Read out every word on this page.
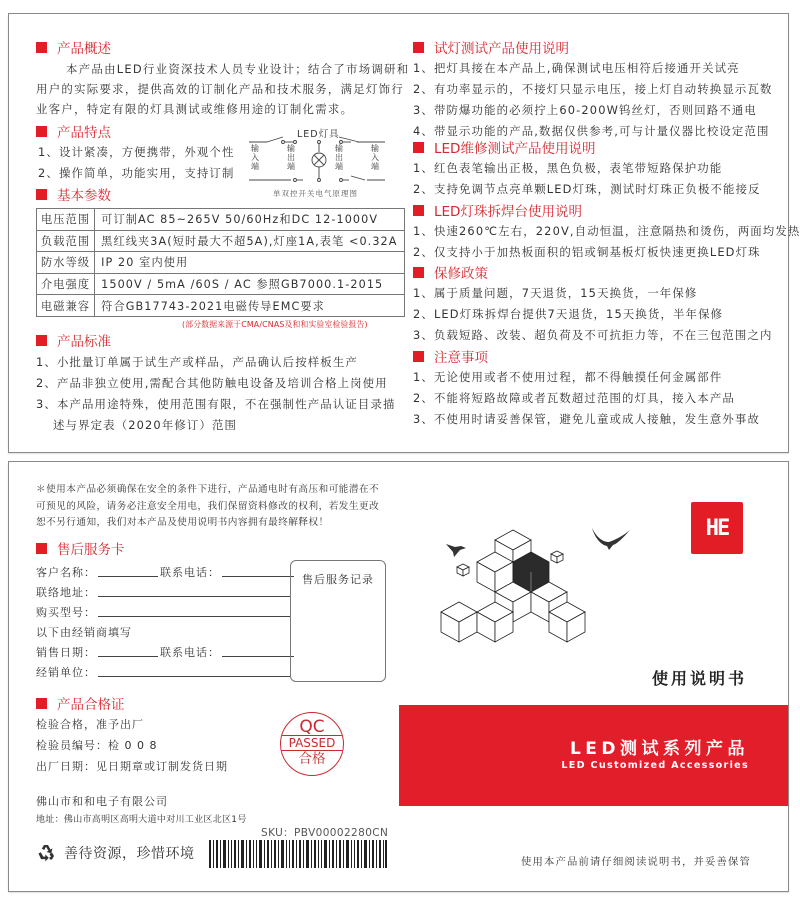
产品概述
本产品由LED行业资深技术人员专业设计；结合了市场调研和
用户的实际要求，提供高效的订制化产品和技术服务，满足灯饰行
业客户，特定有限的灯具测试或维修用途的订制化需求。
产品特点
1、设计紧凑，方便携带，外观个性
2、操作简单，功能实用，支持订制
LED灯具
输入端
输出端
输出端
输入端
单双控开关电气原理图
基本参数
电压范围	可订制AC 85~265V 50/60Hz和DC 12-1000V
负载范围	黑红线夹3A(短时最大不超5A),灯座1A,表笔 <0.32A
防水等级	IP 20 室内使用
介电强度	1500V / 5mA /60S / AC 参照GB7000.1-2015
电磁兼容	符合GB17743-2021电磁传导EMC要求
(部分数据来源于CMA/CNAS及和和实验室检验报告)
产品标准
1、小批量订单属于试生产或样品，产品确认后按样板生产
2、产品非独立使用,需配合其他防触电设备及培训合格上岗使用
3、本产品用途特殊，使用范围有限，不在强制性产品认证目录描
述与界定表（2020年修订）范围
试灯测试产品使用说明
1、把灯具接在本产品上,确保测试电压相符后接通开关试亮
2、有功率显示的，不接灯只显示电压，接上灯自动转换显示瓦数
3、带防爆功能的必须拧上60-200W钨丝灯，否则回路不通电
4、带显示功能的产品,数据仅供参考,可与计量仪器比校设定范围
LED维修测试产品使用说明
1、红色表笔输出正极，黑色负极，表笔带短路保护功能
2、支持免调节点亮单颗LED灯珠，测试时灯珠正负极不能接反
LED灯珠拆焊台使用说明
1、快速260℃左右，220V,自动恒温，注意隔热和烫伤，两面均发热
2、仅支持小于加热板面积的铝或铜基板灯板快速更换LED灯珠
保修政策
1、属于质量问题，7天退货，15天换货，一年保修
2、LED灯珠拆焊台提供7天退货，15天换货，半年保修
3、负载短路、改装、超负荷及不可抗拒力等，不在三包范围之内
注意事项
1、无论使用或者不使用过程，都不得触摸任何金属部件
2、不能将短路故障或者瓦数超过范围的灯具，接入本产品
3、不使用时请妥善保管，避免儿童或成人接触，发生意外事故
＊使用本产品必须确保在安全的条件下进行，产品通电时有高压和可能潜在不
可预见的风险，请务必注意安全用电，我们保留资料修改的权利，若发生更改
恕不另行通知，我们对本产品及使用说明书内容拥有最终解释权！
售后服务卡
客户名称：	联系电话：
联络地址：
购买型号：
以下由经销商填写
销售日期：	联系电话：
经销单位：
售后服务记录
产品合格证
检验合格，准予出厂
检验员编号：检 0 0 8
出厂日期：见日期章或订制发货日期
QC
PASSED
合格
佛山市和和电子有限公司
地址：佛山市高明区高明大道中对川工业区北区1号
善待资源，珍惜环境
SKU：PBV00002280CN
HE
使用说明书
LED测试系列产品
LED Customized Accessories
使用本产品前请仔细阅读说明书，并妥善保管
